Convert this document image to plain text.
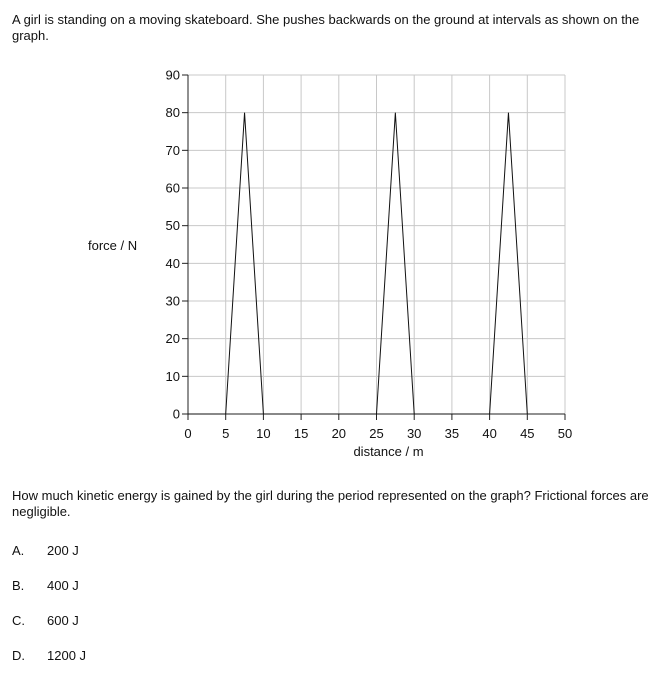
A girl is standing on a moving skateboard. She pushes backwards on the ground at intervals as shown on the graph.
force / N
0
10
20
30
40
50
60
70
80
90
0 5 10 15 20 25 30 35 40 45 50
distance / m
How much kinetic energy is gained by the girl during the period represented on the graph? Frictional forces are negligible.
A. 200 J
B. 400 J
C. 600 J
D. 1200 J
